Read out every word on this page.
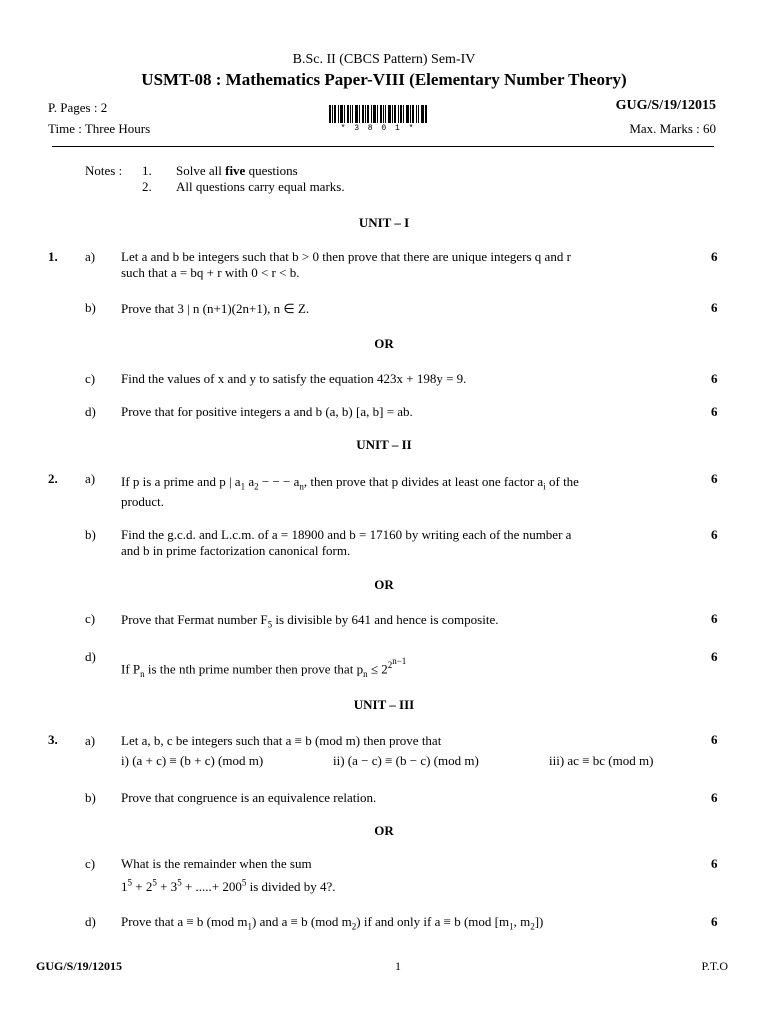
B.Sc. II (CBCS Pattern) Sem-IV
USMT-08 : Mathematics Paper-VIII (Elementary Number Theory)
P. Pages : 2	GUG/S/19/12015
Time : Three Hours	Max. Marks : 60
* 3 8 0 1 *
Notes : 1. Solve all five questions
2. All questions carry equal marks.
UNIT – I
1. a) Let a and b be integers such that b > 0 then prove that there are unique integers q and r
such that a = bq + r with 0 < r < b.
6
b) Prove that 3 | n (n+1)(2n+1), n ∈ Z.	6
OR
c) Find the values of x and y to satisfy the equation 423x + 198y = 9.	6
d) Prove that for positive integers a and b (a, b) [a, b] = ab.	6
UNIT – II
2. a) If p is a prime and p | $a_1$ $a_2$ − − − $a_n$, then prove that p divides at least one factor $a_i$ of the
product.
6
b) Find the g.c.d. and L.c.m. of a = 18900 and b = 17160 by writing each of the number a
and b in prime factorization canonical form.
6
OR
c) Prove that Fermat number $F_5$ is divisible by 641 and hence is composite.	6
d)
If $P_n$ is the nth prime number then prove that $p_n \le 2^{2^{n-1}}$	6
UNIT – III
3. a) Let a, b, c be integers such that a ≡ b (mod m) then prove that
i) (a + c) ≡ (b + c) (mod m)	ii) (a − c) ≡ (b − c) (mod m)	iii) ac ≡ bc (mod m)
6
b) Prove that congruence is an equivalence relation.	6
OR
c) What is the remainder when the sum
$1^5 + 2^5 + 3^5$ + .....+ $200^5$ is divided by 4?.
6
d) Prove that a ≡ b (mod $m_1$) and a ≡ b (mod $m_2$) if and only if a ≡ b (mod [$m_1$, $m_2$])	6
GUG/S/19/12015	1	P.T.O
